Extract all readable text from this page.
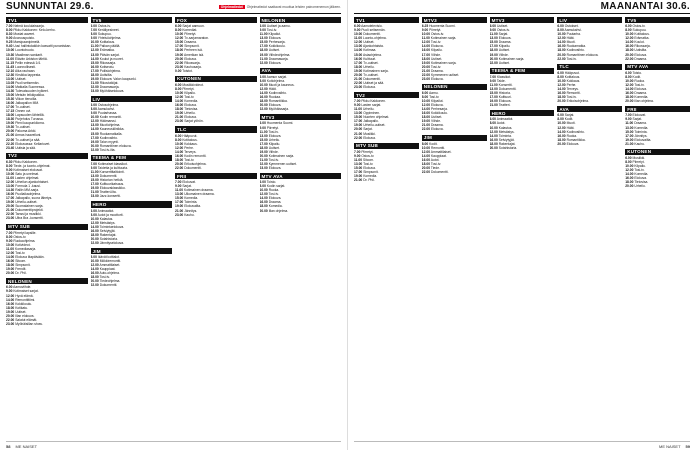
SUNNUNTAI 29.6.	Ohjelmatiedot	Ohjelmatiedot saattavat muuttua lehden painomenemon jälkeen.
TV1
7.00 Nelmä koululaissarja.
8.00 Pikku Kakkonen: Kelo-kerho.
8.30 Mustat aaveet.
9.00 Avaruuspuisto.
9.25 Marsipaanipimelä.
9.40 Uusi hallintolakikin kasvatti punaniskan.
10.00 Luontohuuto.
10.30 Maailman sankarit.
11.00 Elävän Arkiston tähtiä.
11.15 Peilin edessä 1/4.
11.45 Luonnollisesti.
12.10 Aika rauhaan.
12.30 Kirsikka lappesta.
13.00 Uutiset.
13.05 Puoli seitsemän.
14.00 Matkalla Suomessa.
14.30 Tulevaisuuden hylkeet.
15.00 Metsän leikkipaikka.
15.30 Viikon tienoilla.
16.00 Jalkapallon MM.
17.00 Tv-uutiset.
17.15 Onnen ovi.
18.00 Lapsuuden lähteillä.
18.30 Purjehdus Turussa.
19.00 Pieni kaupunkiloma.
19.30 Tv-uutiset.
20.00 Pakoma Arkki.
21.00 Armas haaveiluni.
22.00 Tv-uutiset ja sää.
22.20 Elokuvassa: Kellariovet.
23.40 Uutisia ja sää.
TV2
6.30 Pikku Kakkonen.
8.00 Tiede- ja luonto-ohjelmat.
9.00 Kotimaiset elokuvat.
10.00 Satu ja unelmat.
11.00 Lasten ohjelmat.
12.00 Urheilun ajankohtaiset.
13.00 Formula 1 -kausi.
14.30 Rallin MM-sarja.
16.00 Puoliaikaohjelma.
17.00 Jalkapallo, suora lähetys.
19.00 Urheilu-uutiset.
20.00 Suomalainen sarja.
21.00 Dokumenttiprojekti.
22.00 Tanssi ja musiikki.
23.00 Ultra Bra -konsertti.
MTV SUB
7.00 Piirretyt lapsille.
8.00 Ostos-tv.
9.00 Ruokaohjelma.
10.00 Kotivideot.
11.00 Komediasarja.
12.00 Tosi-tv.
14.00 Elokuva iltapäivään.
16.00 Sitcom.
18.00 Simpsonit.
19.00 Frendit.
20.00 Dr. Phil.
NELONEN
6.00 Aamuviihde.
9.00 Kotimaiset sarjat.
12.00 Hyvä elämä.
14.00 Remonttitiimi.
16.00 Kokkikoulu.
18.00 Kotikatu.
19.00 Uutiset.
20.00 Illan elokuva.
22.00 Salatut elämät.
23.00 Myöhäisillan show.
TV5
6.00 Ostos-tv.
7.00 Keräilyesineet.
8.00 Sukupuu.
9.00 Yhteisöohjelma.
10.00 Kotitalous.
11.00 Paikan päällä.
12.00 Erämatka.
13.00 Päivän sarjat.
14.00 Koulut ja nuoret.
15.00 Rikossarja.
16.00 Kotiseutu.
17.00 Poliisiohjelma.
18.00 Uutisilta.
19.00 Elokuva: Valon kaupunki.
21.00 Rikostutkijat.
22.00 Draamasarja.
23.00 Myöhäiselokuva.
LIV
6.00 Ostosohjelma.
8.00 Aamukahvi.
9.00 Puutarhassa.
10.00 Kodin remontti.
12.00 Häämarssi.
13.00 Muotiohjelma.
14.00 Kauneusklinikka.
15.00 Ruokamatkalla.
17.00 Kodinvaihto.
19.00 Talon myynti.
20.00 Romanttinen elokuva.
22.00 Tosi-tv-ilta.
TEEMA & FEM
7.00 Kotimaiset klassikot.
9.00 Taidetta ja kulttuuria.
11.00 Konserttitaltiointi.
13.00 Dokumentti.
15.00 Historian hetkiä.
17.00 Kulttuurikatsaus.
19.00 Elokuvaklassikko.
21.00 Teatteri-ilta.
23.00 Jazz-konsertti.
HERO
6.00 Animaatiot.
8.00 Autot ja moottorit.
10.00 Kalastus.
12.00 Metsästys.
14.00 Toimintaelokuva.
16.00 Selviytyjät.
18.00 Rakentajat.
20.00 Sotahistoria.
22.00 Jännityselokuva.
JIM
8.00 Ikävät kotitalot.
10.00 Mökkiremontti.
12.00 Ammattilaiset.
14.00 Kauppiaat.
16.00 Auto-ohjelma.
18.00 Tosi-tv.
20.00 Tiedeohjelma.
22.00 Dokumentti.
FOX
6.00 Sarjat aamuun.
8.00 Komediat.
10.00 Piirretyt.
12.00 Tv-sarjamaraton.
15.00 Draama.
17.00 Simpsonit.
18.00 Perheen isä.
19.00 Amerikan isä.
20.00 Elokuva.
22.00 Rikossarja.
23.00 Kauhusarja.
0.00 Toistot.
KUTONEN
6.00 Musiikkivideot.
8.00 Piirretyt.
10.00 Kilpailu.
12.00 Tosi-tv.
14.00 Komedia.
16.00 Elokuva.
18.00 Tietovisa.
19.00 Urheilu.
21.00 Elokuva.
23.00 Sarjat yöhön.
TLC
6.00 Hääpuvut.
8.00 Kotitalous.
10.00 Kokkaus.
12.00 Perhe.
14.00 Terveys.
16.00 Kodin remontti.
18.00 Tosi-tv.
20.00 Erikoisohjelma.
22.00 Dokumentti.
FRII
7.00 Elokuvat.
9.00 Sarjat.
11.00 Kotimainen draama.
13.00 Ulkomainen draama.
15.00 Komedia.
17.00 Toiminta.
19.00 Elokuvailta.
21.00 Jännitys.
23.00 Kauhu.
NELONEN
6.00 Uutiset ja aamu.
9.00 Tosi-tv.
11.00 Kilpailut.
13.00 Elokuva.
15.00 Perhesarja.
17.00 Kokkikoulu.
18.00 Uutiset.
19.00 Viihdeohjelma.
21.00 Draamasarja.
22.00 Elokuva.
AVA
6.00 Aamun sarjat.
8.00 Kotiohjelma.
10.00 Muoti ja kauneus.
12.00 Häät.
14.00 Kodinvaihto.
16.00 Ruokaa.
18.00 Romantiikka.
20.00 Elokuva.
22.00 Myöhäissarja.
MTV3
6.00 Huomenta Suomi.
9.00 Piirretyt.
11.00 Tosi-tv.
13.00 Elokuva.
15.00 Urheilu.
17.00 Kilpailu.
18.00 Uutiset.
19.00 Viihde.
20.00 Kotimainen sarja.
21.00 Tosi-tv.
22.00 Kymmenen uutiset.
23.00 Elokuva.
MTV AVA
6.00 Toisto.
8.00 Kodin sarjat.
10.00 Ruoka.
12.00 Tosi-tv.
14.00 Elokuva.
16.00 Draama.
18.00 Komedia.
20.00 Illan ohjelma.
58 ME NAISET
MAANANTAI 30.6.
TV1
6.00 Aamutelevisio.
9.00 Puoli seitsemän.
10.00 Dokumentti.
11.00 Luonto-ohjelma.
12.00 Uutiset.
13.00 Ajankohtaista.
14.00 Kotimaa.
15.00 Asiaohjelma.
16.00 Kulttuuri.
17.00 Tv-uutiset.
18.00 Urheilu.
19.00 Kotimainen sarja.
20.00 Tv-uutiset.
21.00 Dokumentti.
22.00 Uutiset ja sää.
23.00 Elokuva.
TV2
7.00 Pikku Kakkonen.
9.00 Lasten sarjat.
11.00 Urheilu.
13.00 Oppiminen.
15.00 Nuorten ohjelmat.
17.00 Jalkapallo.
19.00 Urheilu-uutiset.
20.00 Sarjat.
21.00 Musiikki.
22.00 Elokuva.
MTV SUB
7.00 Piirretyt.
9.00 Ostos-tv.
11.00 Sitcom.
13.00 Tosi-tv.
15.00 Elokuva.
17.00 Simpsonit.
19.00 Komedia.
21.00 Dr. Phil.
MTV3
6.25 Huomenta Suomi.
9.00 Piirretyt.
10.00 Ostos-tv.
11.00 Kotimainen sarja.
12.00 Tosi-tv.
14.00 Elokuva.
16.00 Kilpailu.
17.00 Viihde.
18.00 Uutiset.
19.00 Kotimainen sarja.
20.00 Tosi-tv.
21.00 Draama.
22.00 Kymmenen uutiset.
23.00 Elokuva.
NELONEN
6.00 Aamu.
8.00 Tosi-tv.
10.00 Kilpailut.
12.00 Elokuva.
14.00 Perhesarja.
16.00 Kokkikoulu.
18.00 Uutiset.
19.00 Viihde.
21.00 Draama.
22.00 Elokuva.
JIM
8.00 Kodit.
10.00 Remontti.
12.00 Ammattilaiset.
14.00 Kauppiaat.
16.00 Autot.
18.00 Tosi-tv.
20.00 Tiede.
22.00 Dokumentti.
MTV3
6.00 Uutiset.
9.00 Ostos-tv.
11.00 Sarjat.
13.00 Elokuva.
15.00 Draama.
17.00 Kilpailu.
18.00 Uutiset.
19.00 Viihde.
20.00 Kotimainen sarja.
22.00 Uutiset.
TEEMA & FEM
7.00 Klassikot.
9.00 Taide.
11.00 Konsertti.
13.00 Dokumentti.
15.00 Historia.
17.00 Kulttuuri.
19.00 Elokuva.
21.00 Teatteri.
HERO
6.00 Animaatiot.
8.00 Autot.
10.00 Kalastus.
12.00 Metsästys.
14.00 Toiminta.
16.00 Selviytyjät.
18.00 Rakentajat.
20.00 Sotahistoria.
LIV
6.00 Ostokset.
8.00 Aamukahvi.
10.00 Puutarha.
12.00 Häät.
14.00 Muoti.
16.00 Ruokamatka.
18.00 Kodinvaihto.
20.00 Romanttinen elokuva.
22.00 Tosi-tv.
TLC
6.00 Hääpuvut.
8.00 Kotitalous.
10.00 Kokkaus.
12.00 Perhe.
14.00 Terveys.
16.00 Remontti.
18.00 Tosi-tv.
20.00 Erikoisohjelma.
AVA
6.00 Sarjat.
8.00 Kodit.
10.00 Muoti.
12.00 Häät.
14.00 Kodinvaihto.
16.00 Ruoka.
18.00 Romantiikka.
20.00 Elokuva.
TV5
6.00 Ostos-tv.
8.00 Sukupuu.
10.00 Kotitalous.
12.00 Erämatka.
14.00 Koulut.
16.00 Rikossarja.
18.00 Uutisilta.
20.00 Elokuva.
22.00 Draama.
MTV AVA
6.00 Toisto.
8.00 Kodit.
10.00 Ruoka.
12.00 Tosi-tv.
14.00 Elokuva.
16.00 Draama.
18.00 Komedia.
20.00 Illan ohjelma.
FRII
7.00 Elokuvat.
9.00 Sarjat.
11.00 Draama.
13.00 Komedia.
15.00 Toiminta.
17.00 Jännitys.
19.00 Elokuvailta.
21.00 Kauhu.
KUTONEN
6.00 Musiikki.
8.00 Piirretyt.
10.00 Kilpailu.
12.00 Tosi-tv.
14.00 Komedia.
16.00 Elokuva.
18.00 Tietovisa.
20.00 Urheilu.
ME NAISET 59
